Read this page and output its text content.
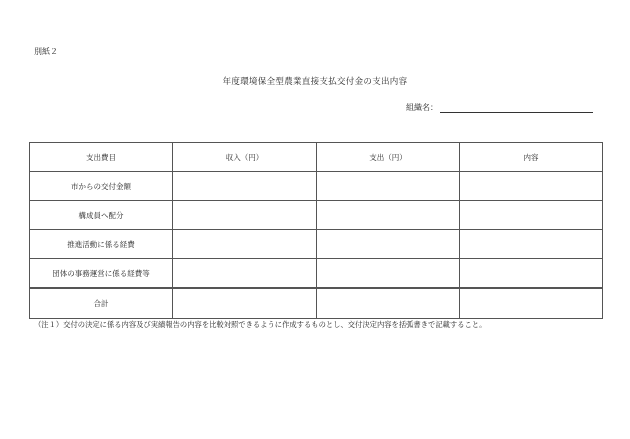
別紙２
年度環境保全型農業直接支払交付金の支出内容
組織名：
支出費目	収入（円）	支出（円）	内容
市からの交付金額			
構成員へ配分			
推進活動に係る経費			
団体の事務運営に係る経費等			
合計			
（注１）交付の決定に係る内容及び実績報告の内容を比較対照できるように作成するものとし、交付決定内容を括弧書きで記載すること。
